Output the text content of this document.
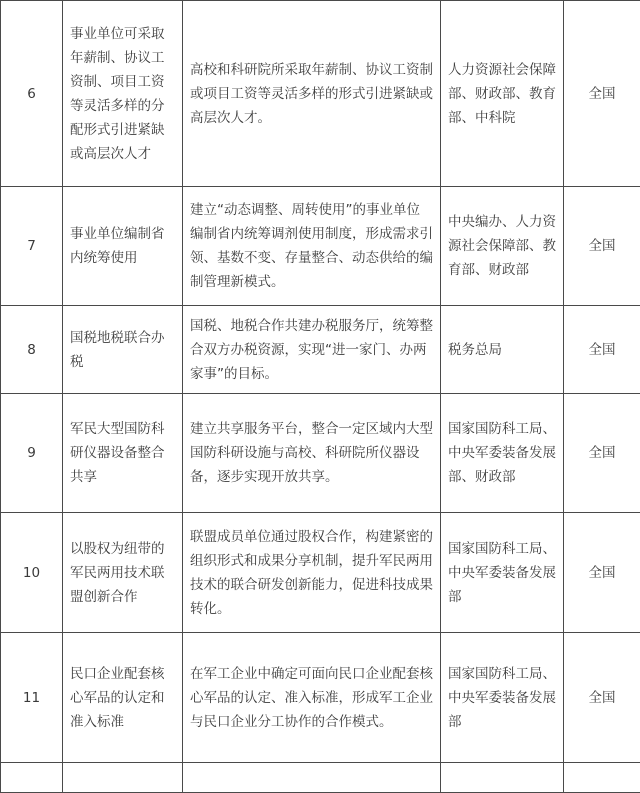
6	事业单位可采取年薪制、协议工资制、项目工资等灵活多样的分配形式引进紧缺或高层次人才	高校和科研院所采取年薪制、协议工资制或项目工资等灵活多样的形式引进紧缺或高层次人才。	人力资源社会保障部、财政部、教育部、中科院	全国
7	事业单位编制省内统筹使用	建立“动态调整、周转使用”的事业单位编制省内统筹调剂使用制度，形成需求引领、基数不变、存量整合、动态供给的编制管理新模式。	中央编办、人力资源社会保障部、教育部、财政部	全国
8	国税地税联合办税	国税、地税合作共建办税服务厅，统筹整合双方办税资源，实现“进一家门、办两家事”的目标。	税务总局	全国
9	军民大型国防科研仪器设备整合共享	建立共享服务平台，整合一定区域内大型国防科研设施与高校、科研院所仪器设备，逐步实现开放共享。	国家国防科工局、中央军委装备发展部、财政部	全国
10	以股权为纽带的军民两用技术联盟创新合作	联盟成员单位通过股权合作，构建紧密的组织形式和成果分享机制，提升军民两用技术的联合研发创新能力，促进科技成果转化。	国家国防科工局、中央军委装备发展部	全国
11	民口企业配套核心军品的认定和准入标准	在军工企业中确定可面向民口企业配套核心军品的认定、准入标准，形成军工企业与民口企业分工协作的合作模式。	国家国防科工局、中央军委装备发展部	全国
